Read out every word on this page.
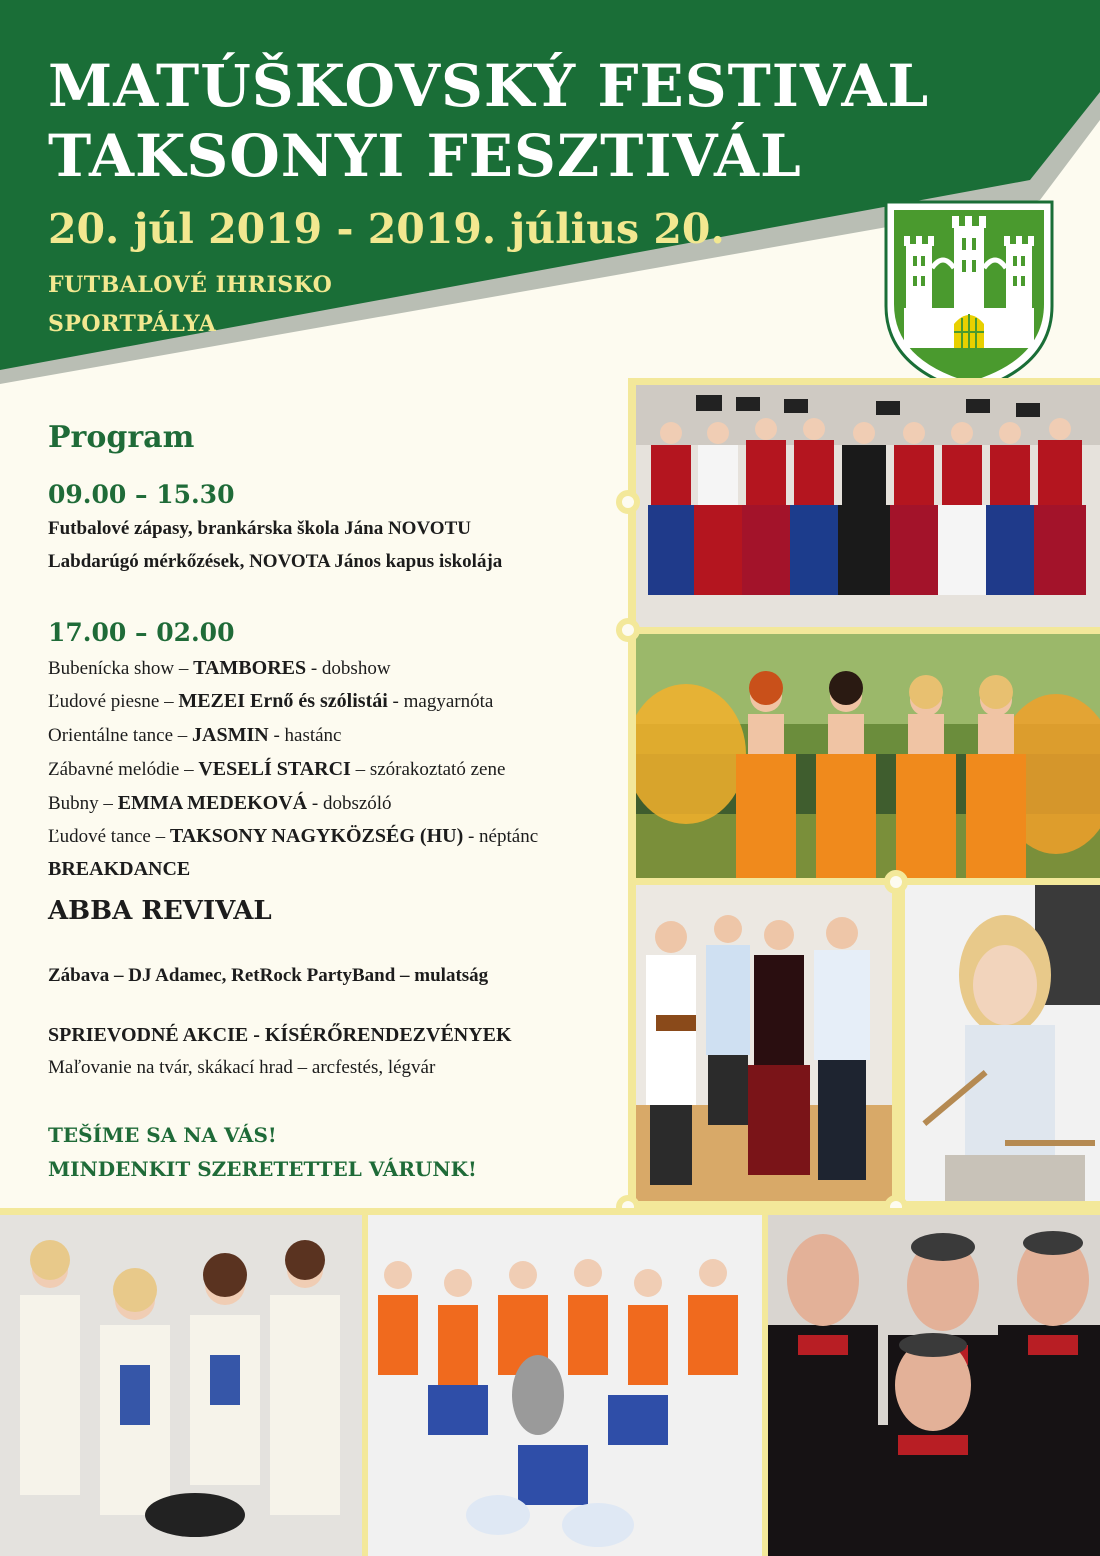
MATÚŠKOVSKÝ FESTIVAL
TAKSONYI FESZTIVÁL
20. júl 2019 - 2019. július 20.
FUTBALOVÉ IHRISKO
SPORTPÁLYA
Program
09.00 – 15.30
Futbalové zápasy, brankárska škola Jána NOVOTU
Labdarúgó mérkőzések, NOVOTA János kapus iskolája
17.00 – 02.00
Bubenícka show – TAMBORES - dobshow
Ľudové piesne – MEZEI Ernő és szólistái - magyarnóta
Orientálne tance – JASMIN - hastánc
Zábavné melódie – VESELÍ STARCI – szórakoztató zene
Bubny – EMMA MEDEKOVÁ - dobszóló
Ľudové tance – TAKSONY NAGYKÖZSÉG (HU) - néptánc
BREAKDANCE
ABBA REVIVAL
Zábava – DJ Adamec, RetRock PartyBand – mulatság
SPRIEVODNÉ AKCIE - KÍSÉRŐRENDEZVÉNYEK
Maľovanie na tvár, skákací hrad – arcfestés, légvár
TEŠÍME SA NA VÁS!
MINDENKIT SZERETETTEL VÁRUNK!
